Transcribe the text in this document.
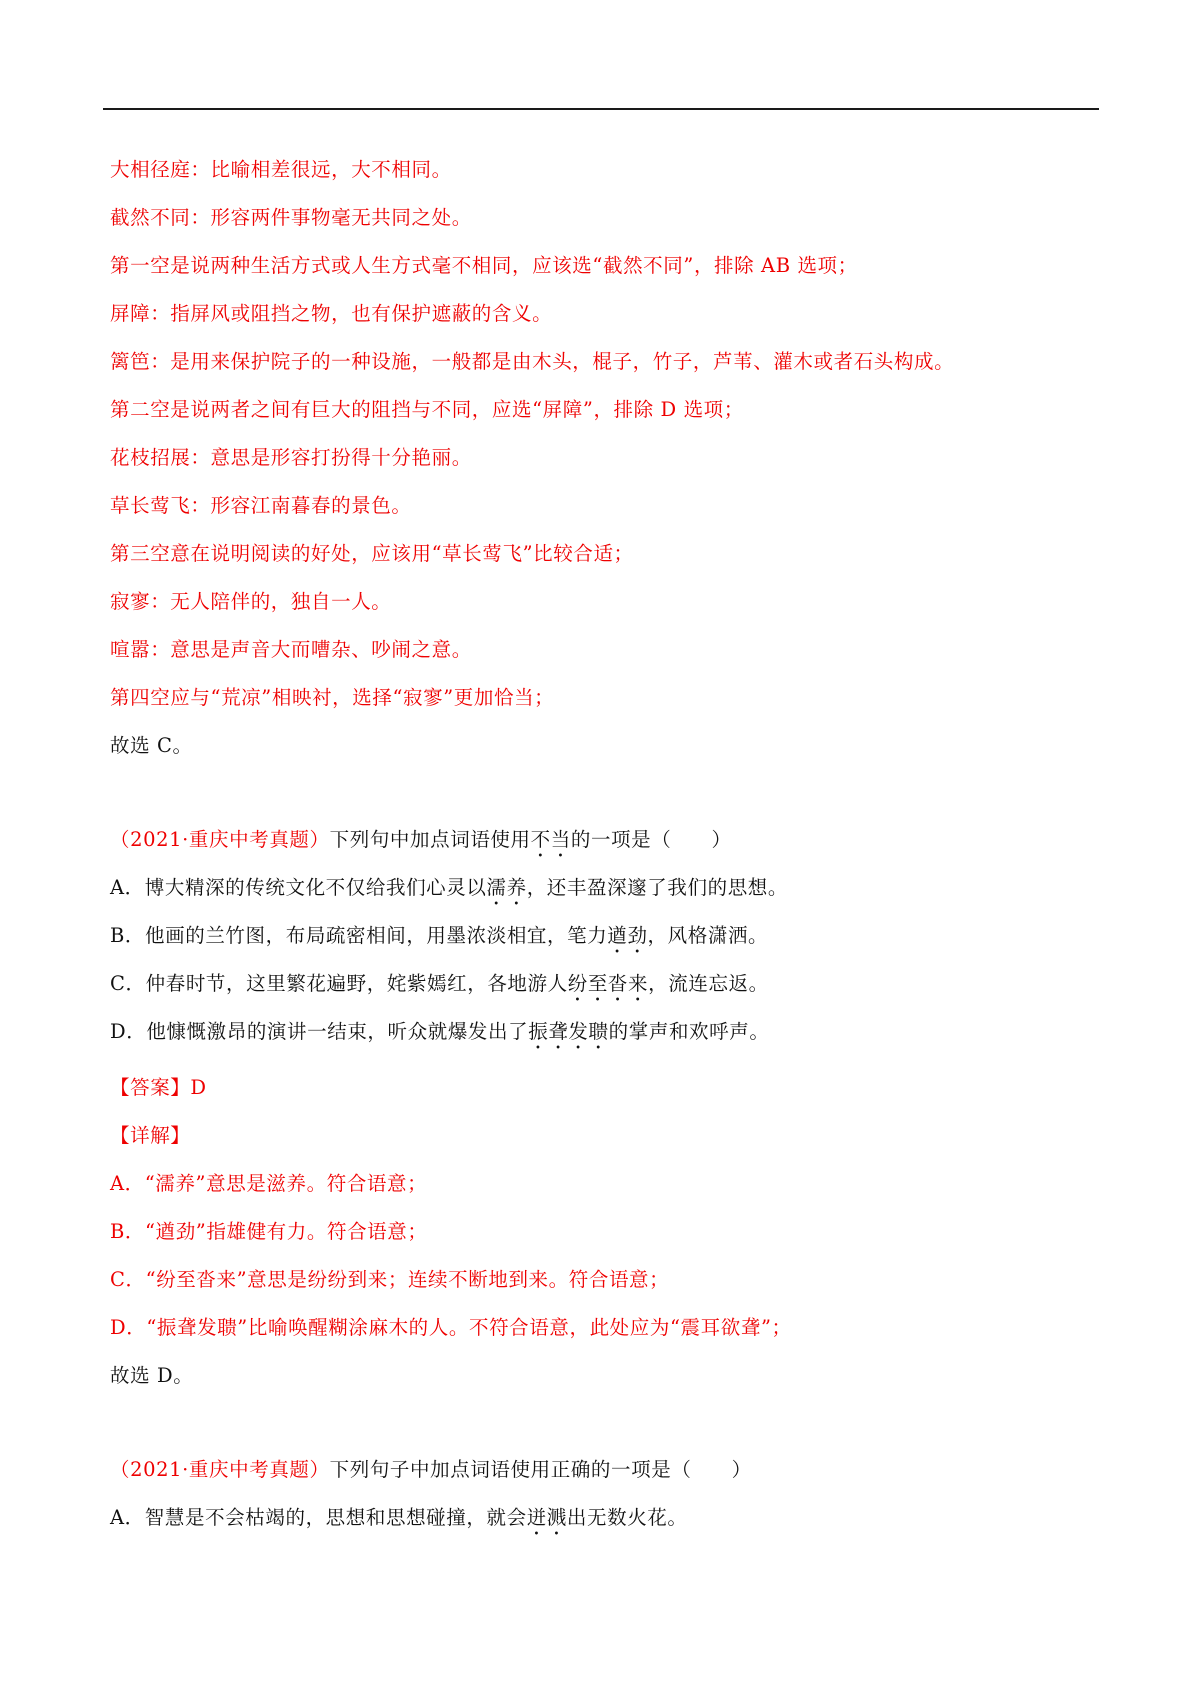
大相径庭：比喻相差很远，大不相同。
截然不同：形容两件事物毫无共同之处。
第一空是说两种生活方式或人生方式毫不相同，应该选“截然不同”，排除 AB 选项；
屏障：指屏风或阻挡之物，也有保护遮蔽的含义。
篱笆：是用来保护院子的一种设施，一般都是由木头，棍子，竹子，芦苇、灌木或者石头构成。
第二空是说两者之间有巨大的阻挡与不同，应选“屏障”，排除 D 选项；
花枝招展：意思是形容打扮得十分艳丽。
草长莺飞：形容江南暮春的景色。
第三空意在说明阅读的好处，应该用“草长莺飞”比较合适；
寂寥：无人陪伴的，独自一人。
喧嚣：意思是声音大而嘈杂、吵闹之意。
第四空应与“荒凉”相映衬，选择“寂寥”更加恰当；
故选 C。
（2021·重庆中考真题）下列句中加点词语使用不当的一项是（　　）
A．博大精深的传统文化不仅给我们心灵以濡养，还丰盈深邃了我们的思想。
B．他画的兰竹图，布局疏密相间，用墨浓淡相宜，笔力遒劲，风格潇洒。
C．仲春时节，这里繁花遍野，姹紫嫣红，各地游人纷至沓来，流连忘返。
D．他慷慨激昂的演讲一结束，听众就爆发出了振聋发聩的掌声和欢呼声。
【答案】D
【详解】
A．“濡养”意思是滋养。符合语意；
B．“遒劲”指雄健有力。符合语意；
C．“纷至沓来”意思是纷纷到来；连续不断地到来。符合语意；
D．“振聋发聩”比喻唤醒糊涂麻木的人。不符合语意，此处应为“震耳欲聋”；
故选 D。
（2021·重庆中考真题）下列句子中加点词语使用正确的一项是（　　）
A．智慧是不会枯竭的，思想和思想碰撞，就会迸溅出无数火花。
